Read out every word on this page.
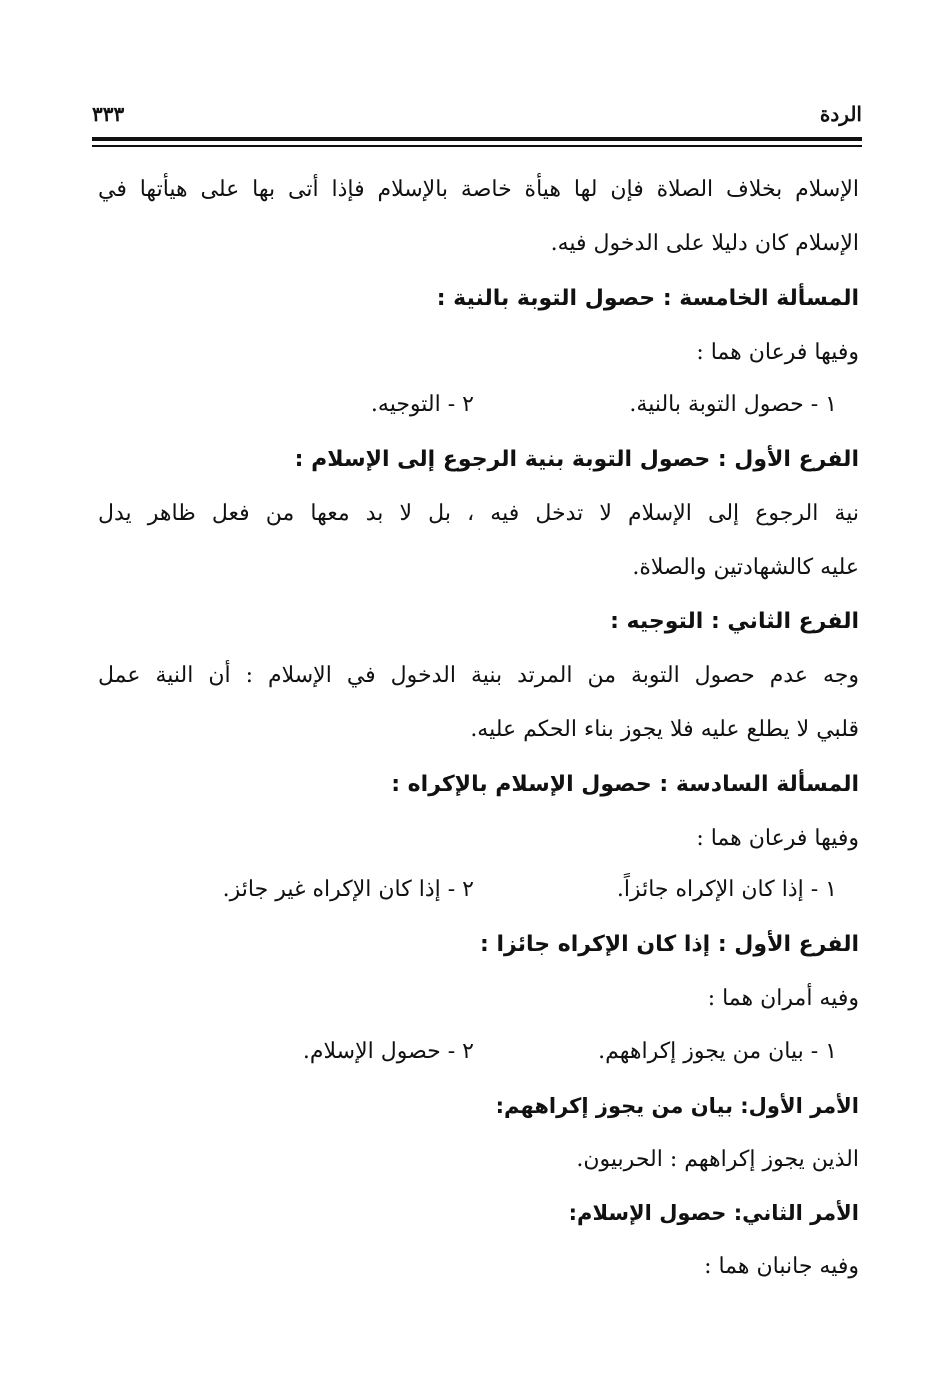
الردة
٣٣٣
الإسلام بخلاف الصلاة فإن لها هيأة خاصة بالإسلام فإذا أتى بها على هيأتها في
الإسلام كان دليلا على الدخول فيه.
المسألة الخامسة : حصول التوبة بالنية :
وفيها فرعان هما :
١ - حصول التوبة بالنية.
٢ - التوجيه.
الفرع الأول : حصول التوبة بنية الرجوع إلى الإسلام :
نية الرجوع إلى الإسلام لا تدخل فيه ، بل لا بد معها من فعل ظاهر يدل
عليه كالشهادتين والصلاة.
الفرع الثاني : التوجيه :
وجه عدم حصول التوبة من المرتد بنية الدخول في الإسلام : أن النية عمل
قلبي لا يطلع عليه فلا يجوز بناء الحكم عليه.
المسألة السادسة : حصول الإسلام بالإكراه :
وفيها فرعان هما :
١ - إذا كان الإكراه جائزاً.
٢ - إذا كان الإكراه غير جائز.
الفرع الأول : إذا كان الإكراه جائزا :
وفيه أمران هما :
١ - بيان من يجوز إكراههم.
٢ - حصول الإسلام.
الأمر الأول: بيان من يجوز إكراههم:
الذين يجوز إكراههم : الحربيون.
الأمر الثاني: حصول الإسلام:
وفيه جانبان هما :
